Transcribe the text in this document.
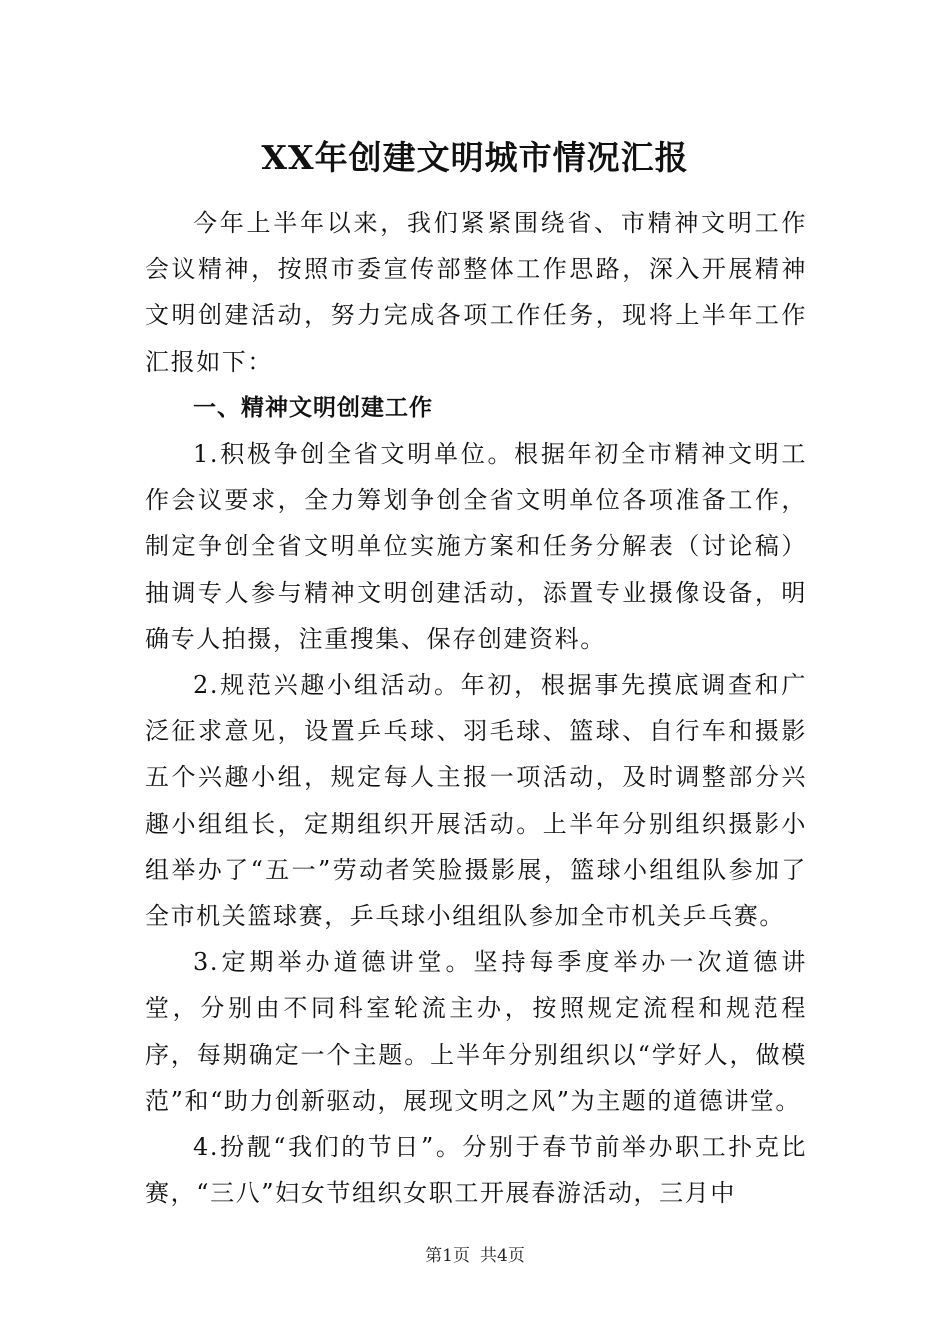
XX年创建文明城市情况汇报

今年上半年以来，我们紧紧围绕省、市精神文明工作会议精神，按照市委宣传部整体工作思路，深入开展精神文明创建活动，努力完成各项工作任务，现将上半年工作汇报如下：

一、精神文明创建工作

1.积极争创全省文明单位。根据年初全市精神文明工作会议要求，全力筹划争创全省文明单位各项准备工作，制定争创全省文明单位实施方案和任务分解表（讨论稿）抽调专人参与精神文明创建活动，添置专业摄像设备，明确专人拍摄，注重搜集、保存创建资料。

2.规范兴趣小组活动。年初，根据事先摸底调查和广泛征求意见，设置乒乓球、羽毛球、篮球、自行车和摄影五个兴趣小组，规定每人主报一项活动，及时调整部分兴趣小组组长，定期组织开展活动。上半年分别组织摄影小组举办了“五一”劳动者笑脸摄影展，篮球小组组队参加了全市机关篮球赛，乒乓球小组组队参加全市机关乒乓赛。

3.定期举办道德讲堂。坚持每季度举办一次道德讲堂，分别由不同科室轮流主办，按照规定流程和规范程序，每期确定一个主题。上半年分别组织以“学好人，做模范”和“助力创新驱动，展现文明之风”为主题的道德讲堂。

4.扮靓“我们的节日”。分别于春节前举办职工扑克比赛，“三八”妇女节组织女职工开展春游活动，三月中

第1页 共4页
